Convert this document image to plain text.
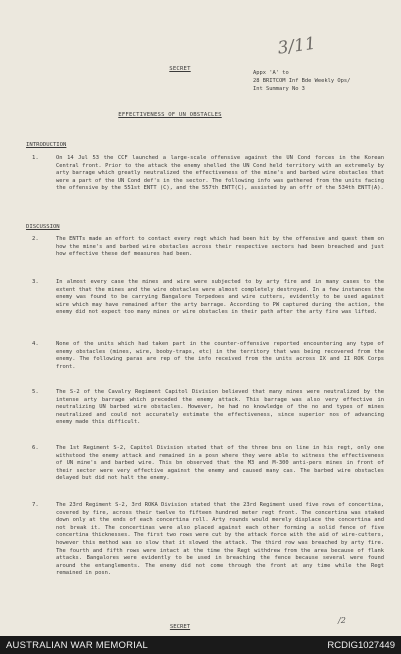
3/11
SECRET
Appx 'A' to
28 BRITCOM Inf Bde Weekly Ops/
Int Summary No 3
EFFECTIVENESS OF UN OBSTACLES
INTRODUCTION
1.	On 14 Jul 53 the CCF launched a large-scale offensive against the UN Cond forces in the Korean Central front. Prior to the attack the enemy shelled the UN Cond held territory with an extremely by arty barrage which greatly neutralized the effectiveness of the mine's and barbed wire obstacles that were a part of the UN Cond def's in the sector. The following info was gathered from the units facing the offensive by the 551st ENTT (C), and the 557th ENTT(C), assisted by an offr of the 534th ENTT(A).
DISCUSSION
2.	The ENTTs made an effort to contact every regt which had been hit by the offensive and quest them on how the mine's and barbed wire obstacles across their respective sectors had been breached and just how effective these def measures had been.
3.	In almost every case the mines and wire were subjected to by arty fire and in many cases to the extent that the mines and the wire obstacles were almost completely destroyed. In a few instances the enemy was found to be carrying Bangalore Torpedoes and wire cutters, evidently to be used against wire which may have remained after the arty barrage. According to PW captured during the action, the enemy did not expect too many mines or wire obstacles in their path after the arty fire was lifted.
4.	None of the units which had taken part in the counter-offensive reported encountering any type of enemy obstacles (mines, wire, booby-traps, etc) in the territory that was being recovered from the enemy. The following paras are rep of the info received from the units across IX and II ROK Corps front.
5.	The S-2 of the Cavalry Regiment Capitol Division believed that many mines were neutralized by the intense arty barrage which preceded the enemy attack. This barrage was also very effective in neutralizing UN barbed wire obstacles. However, he had no knowledge of the no and types of mines neutralized and could not accurately estimate the effectiveness, since superior nos of advancing enemy made this difficult.
6.	The 1st Regiment S-2, Capitol Division stated that of the three bns on line in his regt, only one withstood the enemy attack and remained in a posn where they were able to witness the effectiveness of UN mine's and barbed wire. This bn observed that the M3 and M-300 anti-pers mines in front of their sector were very effective against the enemy and caused many cas. The barbed wire obstacles delayed but did not halt the enemy.
7.	The 23rd Regiment S-2, 3rd ROKA Division stated that the 23rd Regiment used five rows of concertina, covered by fire, across their twelve to fifteen hundred meter regt front. The concertina was staked down only at the ends of each concertina roll. Arty rounds would merely displace the concertina and not break it. The concertinas were also placed against each other forming a solid fence of five concertina thicknesses. The first two rows were cut by the attack force with the aid of wire-cutters, however this method was so slow that it slowed the attack. The third row was breached by arty fire. The fourth and fifth rows were intact at the time the Regt withdrew from the area because of flank attacks. Bangalores were evidently to be used in breaching the fence because several were found around the entanglements. The enemy did not come through the front at any time while the Regt remained in posn.
/2
SECRET
AUSTRALIAN WAR MEMORIAL	RCDIG1027449
